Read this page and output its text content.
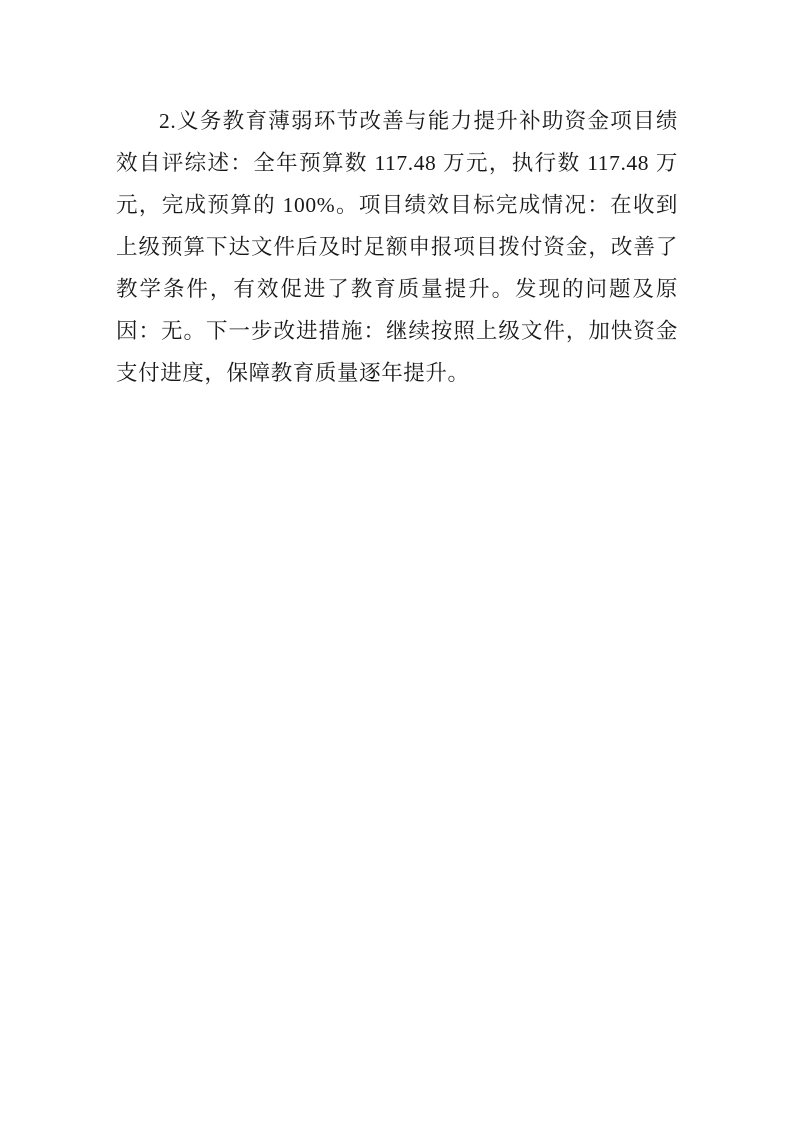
2.义务教育薄弱环节改善与能力提升补助资金项目绩效自评综述：全年预算数 117.48 万元，执行数 117.48 万元，完成预算的 100%。项目绩效目标完成情况：在收到上级预算下达文件后及时足额申报项目拨付资金，改善了教学条件，有效促进了教育质量提升。发现的问题及原因：无。下一步改进措施：继续按照上级文件，加快资金支付进度，保障教育质量逐年提升。
